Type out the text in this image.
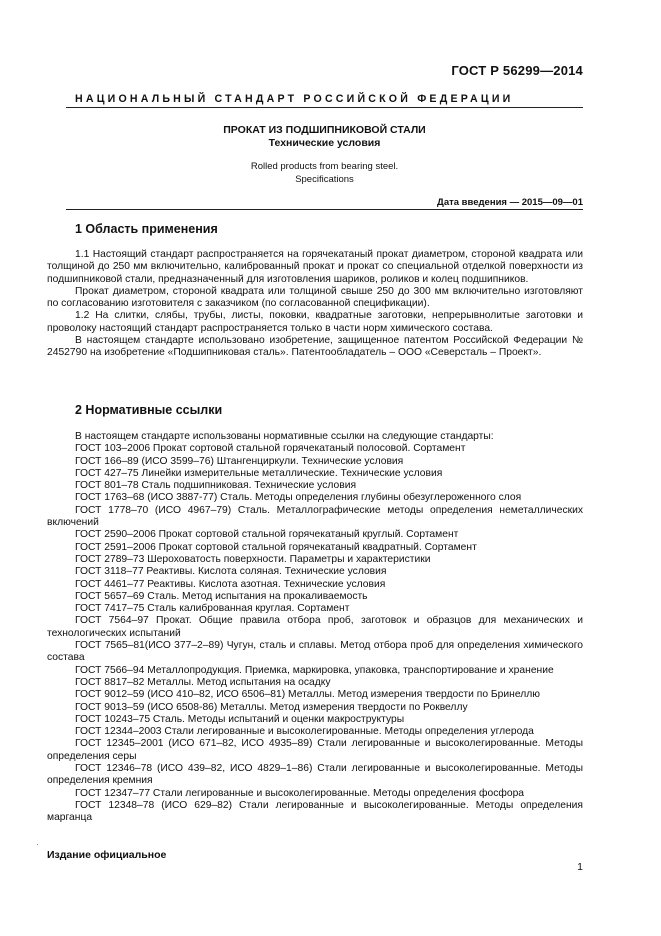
ГОСТ Р 56299—2014
НАЦИОНАЛЬНЫЙ СТАНДАРТ РОССИЙСКОЙ ФЕДЕРАЦИИ
ПРОКАТ ИЗ ПОДШИПНИКОВОЙ СТАЛИ
Технические условия
Rolled products from bearing steel.
Specifications
Дата введения — 2015—09—01
1 Область применения

1.1 Настоящий стандарт распространяется на горячекатаный прокат диаметром, стороной квадрата или толщиной до 250 мм включительно, калиброванный прокат и прокат со специальной отделкой поверхности из подшипниковой стали, предназначенный для изготовления шариков, роликов и колец подшипников.

Прокат диаметром, стороной квадрата или толщиной свыше 250 до 300 мм включительно изготовляют по согласованию изготовителя с заказчиком (по согласованной спецификации).

1.2 На слитки, слябы, трубы, листы, поковки, квадратные заготовки, непрерывнолитые заготовки и проволоку настоящий стандарт распространяется только в части норм химического состава.

В настоящем стандарте использовано изобретение, защищенное патентом Российской Федерации № 2452790 на изобретение «Подшипниковая сталь». Патентообладатель – ООО «Северсталь – Проект».

2 Нормативные ссылки

В настоящем стандарте использованы нормативные ссылки на следующие стандарты:

ГОСТ 103–2006 Прокат сортовой стальной горячекатаный полосовой. Сортамент

ГОСТ 166–89 (ИСО 3599–76) Штангенциркули. Технические условия

ГОСТ 427–75 Линейки измерительные металлические. Технические условия

ГОСТ 801–78 Сталь подшипниковая. Технические условия

ГОСТ 1763–68 (ИСО 3887-77) Сталь. Методы определения глубины обезуглероженного слоя

ГОСТ 1778–70 (ИСО 4967–79) Сталь. Металлографические методы определения неметаллических включений

ГОСТ 2590–2006 Прокат сортовой стальной горячекатаный круглый. Сортамент

ГОСТ 2591–2006 Прокат сортовой стальной горячекатаный квадратный. Сортамент

ГОСТ 2789–73 Шероховатость поверхности. Параметры и характеристики

ГОСТ 3118–77 Реактивы. Кислота соляная. Технические условия

ГОСТ 4461–77 Реактивы. Кислота азотная. Технические условия

ГОСТ 5657–69 Сталь. Метод испытания на прокаливаемость

ГОСТ 7417–75 Сталь калиброванная круглая. Сортамент

ГОСТ 7564–97 Прокат. Общие правила отбора проб, заготовок и образцов для механических и технологических испытаний

ГОСТ 7565–81(ИСО 377–2–89) Чугун, сталь и сплавы. Метод отбора проб для определения химического состава

ГОСТ 7566–94 Металлопродукция. Приемка, маркировка, упаковка, транспортирование и хранение

ГОСТ 8817–82 Металлы. Метод испытания на осадку

ГОСТ 9012–59 (ИСО 410–82, ИСО 6506–81) Металлы. Метод измерения твердости по Бринеллю

ГОСТ 9013–59 (ИСО 6508-86) Металлы. Метод измерения твердости по Роквеллу

ГОСТ 10243–75 Сталь. Методы испытаний и оценки макроструктуры

ГОСТ 12344–2003 Стали легированные и высоколегированные. Методы определения углерода

ГОСТ 12345–2001 (ИСО 671–82, ИСО 4935–89) Стали легированные и высоколегированные. Методы определения серы

ГОСТ 12346–78 (ИСО 439–82, ИСО 4829–1–86) Стали легированные и высоколегированные. Методы определения кремния

ГОСТ 12347–77 Стали легированные и высоколегированные. Методы определения фосфора

ГОСТ 12348–78 (ИСО 629–82) Стали легированные и высоколегированные. Методы определения марганца

·
Издание официальное
1
